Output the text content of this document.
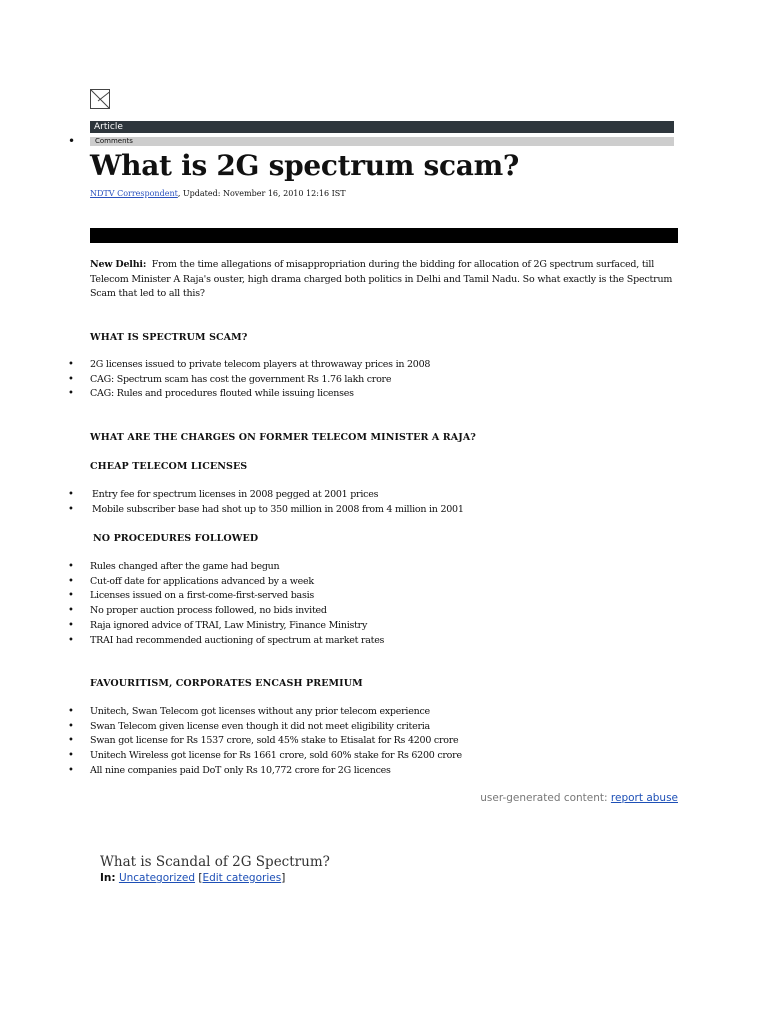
Article
•	Comments
What is 2G spectrum scam?
NDTV Correspondent, Updated: November 16, 2010 12:16 IST
New Delhi: From the time allegations of misappropriation during the bidding for allocation of 2G spectrum surfaced, till Telecom Minister A Raja's ouster, high drama charged both politics in Delhi and Tamil Nadu. So what exactly is the Spectrum Scam that led to all this?
WHAT IS SPECTRUM SCAM?
• 2G licenses issued to private telecom players at throwaway prices in 2008
• CAG: Spectrum scam has cost the government Rs 1.76 lakh crore
• CAG: Rules and procedures flouted while issuing licenses
WHAT ARE THE CHARGES ON FORMER TELECOM MINISTER A RAJA?
CHEAP TELECOM LICENSES
• Entry fee for spectrum licenses in 2008 pegged at 2001 prices
• Mobile subscriber base had shot up to 350 million in 2008 from 4 million in 2001
NO PROCEDURES FOLLOWED
• Rules changed after the game had begun
• Cut-off date for applications advanced by a week
• Licenses issued on a first-come-first-served basis
• No proper auction process followed, no bids invited
• Raja ignored advice of TRAI, Law Ministry, Finance Ministry
• TRAI had recommended auctioning of spectrum at market rates
FAVOURITISM, CORPORATES ENCASH PREMIUM
• Unitech, Swan Telecom got licenses without any prior telecom experience
• Swan Telecom given license even though it did not meet eligibility criteria
• Swan got license for Rs 1537 crore, sold 45% stake to Etisalat for Rs 4200 crore
• Unitech Wireless got license for Rs 1661 crore, sold 60% stake for Rs 6200 crore
• All nine companies paid DoT only Rs 10,772 crore for 2G licences
user-generated content: report abuse
What is Scandal of 2G Spectrum?
In: Uncategorized [Edit categories]
